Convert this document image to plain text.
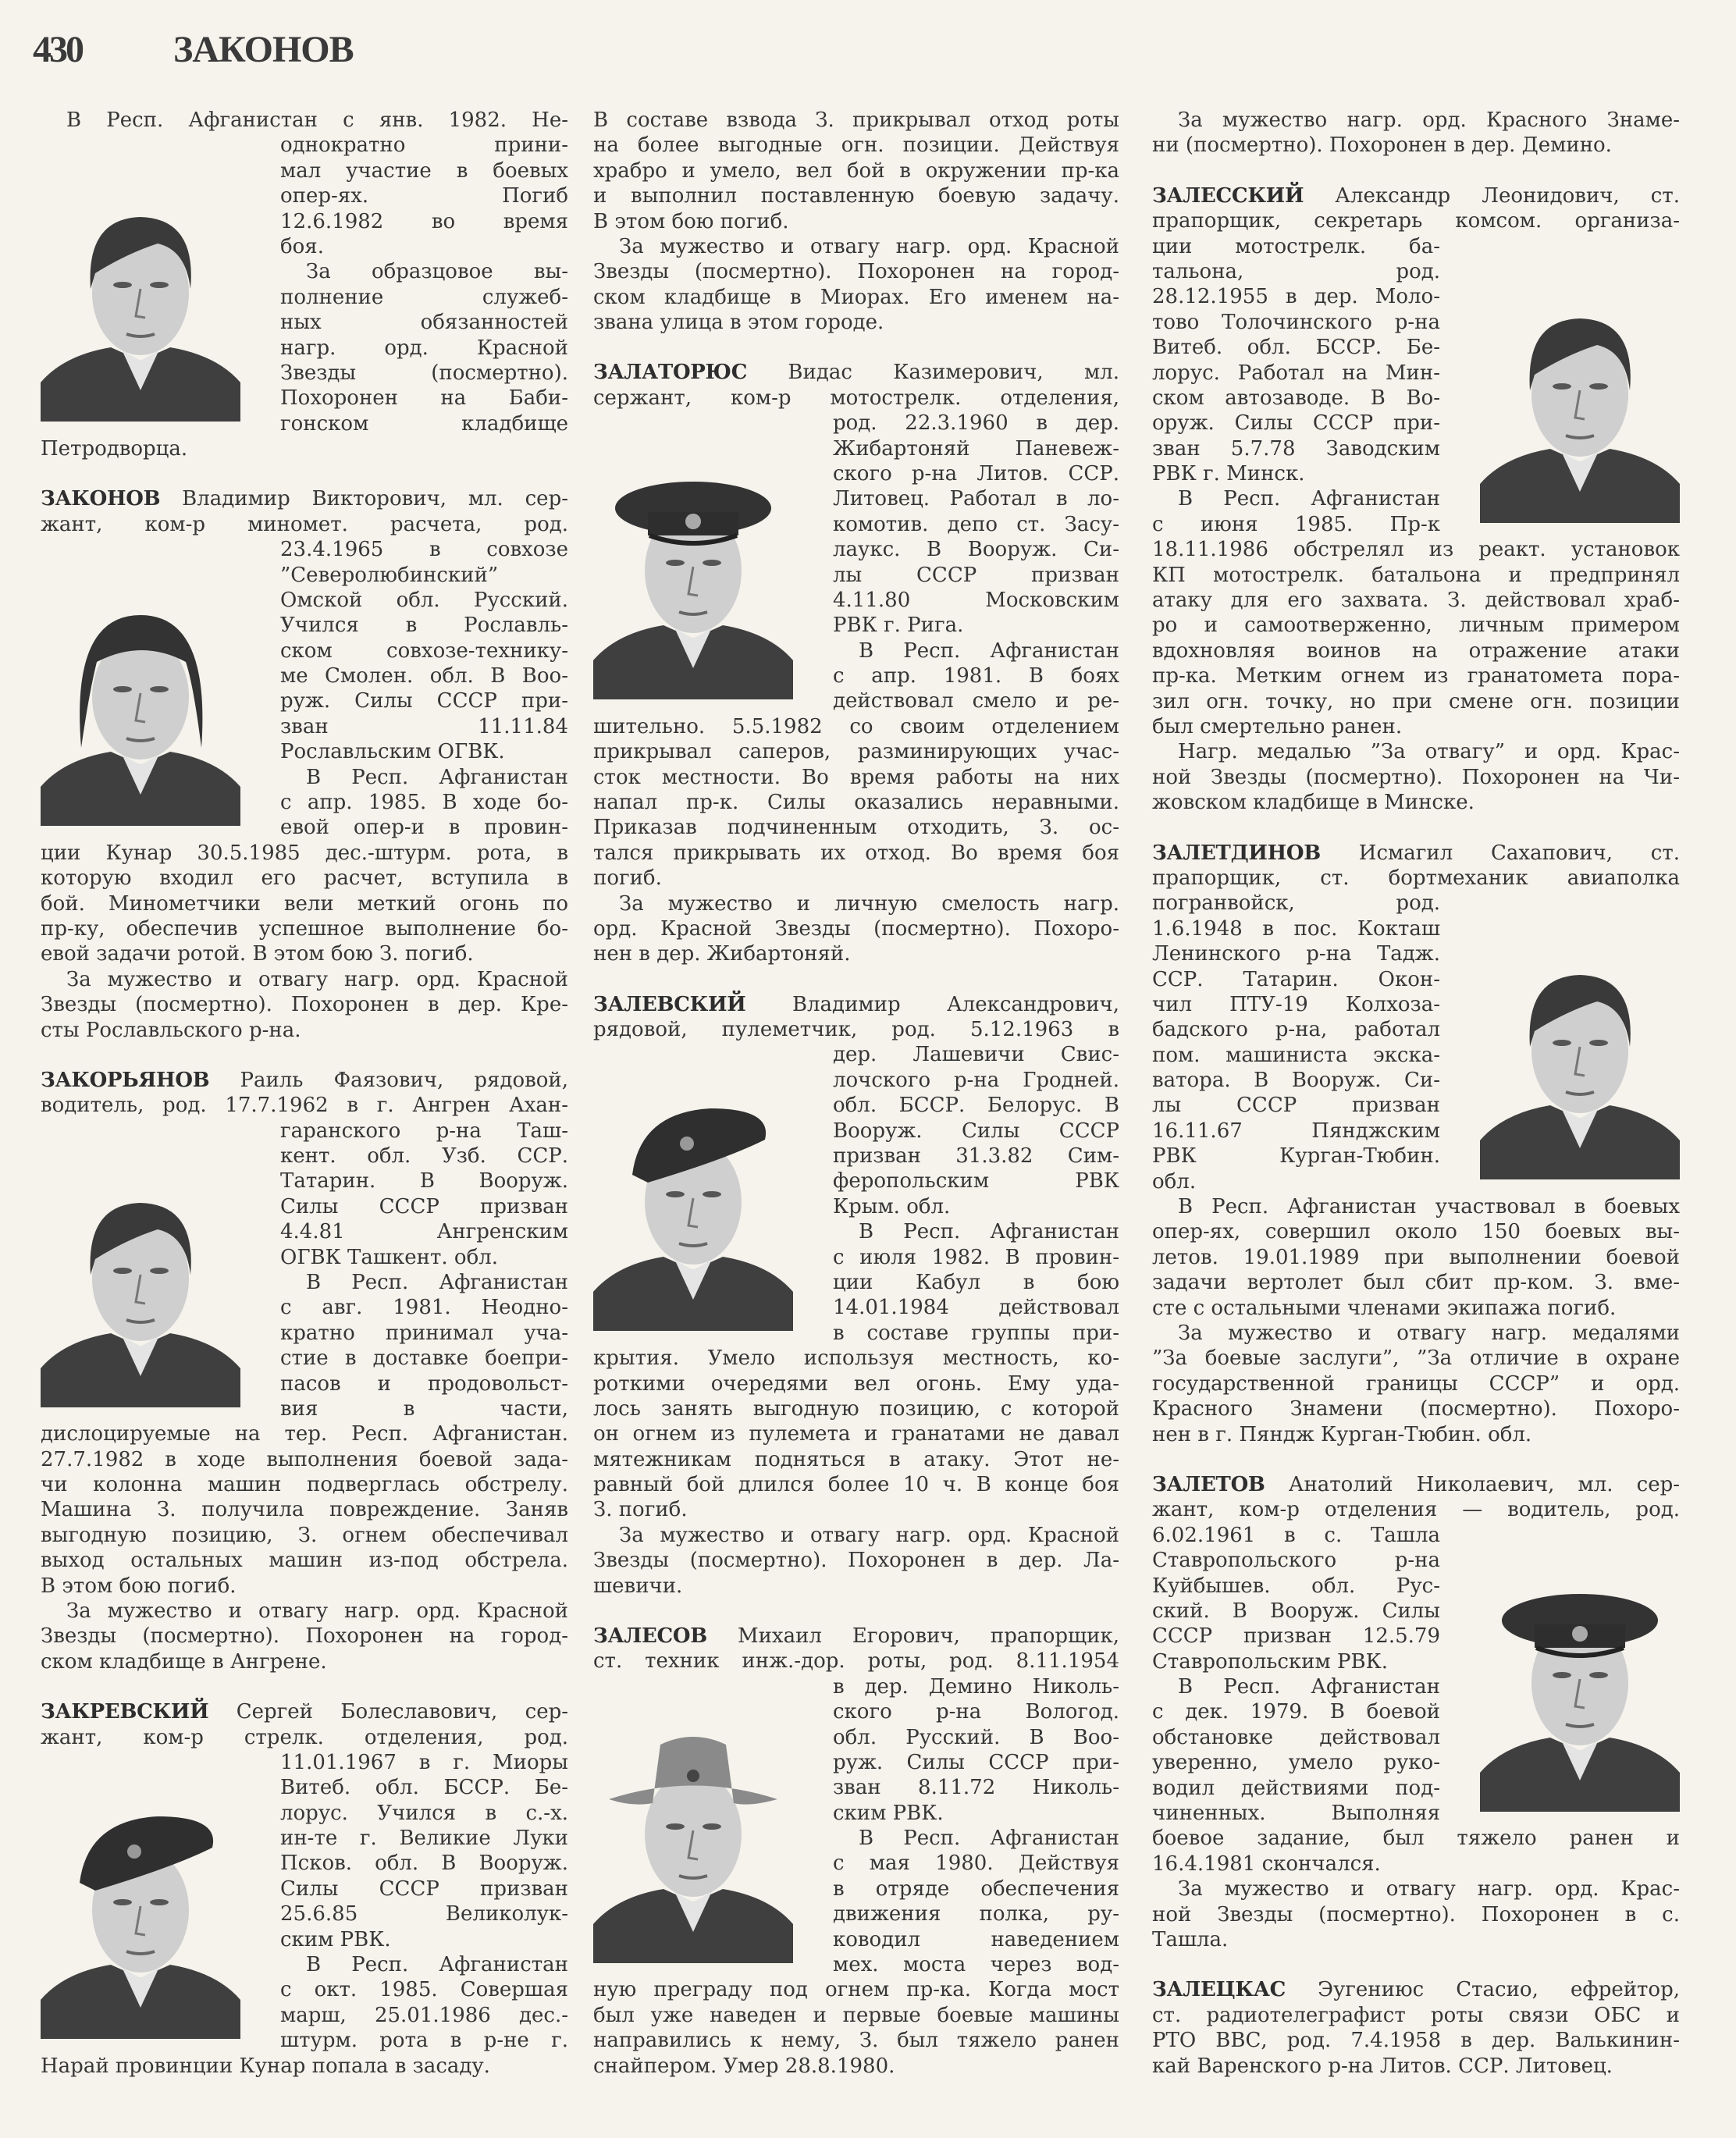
430 ЗАКОНОВ
В Респ. Афганистан с янв. 1982. Не-
однократно прини-
мал участие в боевых
опер-ях. Погиб
12.6.1982 во время
боя.
За образцовое вы-
полнение служеб-
ных обязанностей
нагр. орд. Красной
Звезды (посмертно).
Похоронен на Баби-
гонском кладбище
Петродворца.
ЗАКОНОВ Владимир Викторович, мл. сер-
жант, ком-р миномет. расчета, род.
23.4.1965 в совхозе
”Северолюбинский”
Омской обл. Русский.
Учился в Рославль-
ском совхозе-технику-
ме Смолен. обл. В Воо-
руж. Силы СССР при-
зван 11.11.84
Рославльским ОГВК.
В Респ. Афганистан
с апр. 1985. В ходе бо-
евой опер-и в провин-
ции Кунар 30.5.1985 дес.-штурм. рота, в
которую входил его расчет, вступила в
бой. Минометчики вели меткий огонь по
пр-ку, обеспечив успешное выполнение бо-
евой задачи ротой. В этом бою З. погиб.
За мужество и отвагу нагр. орд. Красной
Звезды (посмертно). Похоронен в дер. Кре-
сты Рославльского р-на.
ЗАКОРЬЯНОВ Раиль Фаязович, рядовой,
водитель, род. 17.7.1962 в г. Ангрен Ахан-
гаранского р-на Таш-
кент. обл. Узб. ССР.
Татарин. В Вооруж.
Силы СССР призван
4.4.81 Ангренским
ОГВК Ташкент. обл.
В Респ. Афганистан
с авг. 1981. Неодно-
кратно принимал уча-
стие в доставке боепри-
пасов и продовольст-
вия в части,
дислоцируемые на тер. Респ. Афганистан.
27.7.1982 в ходе выполнения боевой зада-
чи колонна машин подверглась обстрелу.
Машина З. получила повреждение. Заняв
выгодную позицию, З. огнем обеспечивал
выход остальных машин из-под обстрела.
В этом бою погиб.
За мужество и отвагу нагр. орд. Красной
Звезды (посмертно). Похоронен на город-
ском кладбище в Ангрене.
ЗАКРЕВСКИЙ Сергей Болеславович, сер-
жант, ком-р стрелк. отделения, род.
11.01.1967 в г. Миоры
Витеб. обл. БССР. Бе-
лорус. Учился в с.-х.
ин-те г. Великие Луки
Псков. обл. В Вооруж.
Силы СССР призван
25.6.85 Великолук-
ским РВК.
В Респ. Афганистан
с окт. 1985. Совершая
марш, 25.01.1986 дес.-
штурм. рота в р-не г.
Нарай провинции Кунар попала в засаду.
В составе взвода З. прикрывал отход роты
на более выгодные огн. позиции. Действуя
храбро и умело, вел бой в окружении пр-ка
и выполнил поставленную боевую задачу.
В этом бою погиб.
За мужество и отвагу нагр. орд. Красной
Звезды (посмертно). Похоронен на город-
ском кладбище в Миорах. Его именем на-
звана улица в этом городе.
ЗАЛАТОРЮС Видас Казимерович, мл.
сержант, ком-р мотострелк. отделения,
род. 22.3.1960 в дер.
Жибартоняй Паневеж-
ского р-на Литов. ССР.
Литовец. Работал в ло-
комотив. депо ст. Засу-
лаукс. В Вооруж. Си-
лы СССР призван
4.11.80 Московским
РВК г. Рига.
В Респ. Афганистан
с апр. 1981. В боях
действовал смело и ре-
шительно. 5.5.1982 со своим отделением
прикрывал саперов, разминирующих учас-
сток местности. Во время работы на них
напал пр-к. Силы оказались неравными.
Приказав подчиненным отходить, З. ос-
тался прикрывать их отход. Во время боя
погиб.
За мужество и личную смелость нагр.
орд. Красной Звезды (посмертно). Похоро-
нен в дер. Жибартоняй.
ЗАЛЕВСКИЙ Владимир Александрович,
рядовой, пулеметчик, род. 5.12.1963 в
дер. Лашевичи Свис-
лочского р-на Гродней.
обл. БССР. Белорус. В
Вооруж. Силы СССР
призван 31.3.82 Сим-
феропольским РВК
Крым. обл.
В Респ. Афганистан
с июля 1982. В провин-
ции Кабул в бою
14.01.1984 действовал
в составе группы при-
крытия. Умело используя местность, ко-
роткими очередями вел огонь. Ему уда-
лось занять выгодную позицию, с которой
он огнем из пулемета и гранатами не давал
мятежникам подняться в атаку. Этот не-
равный бой длился более 10 ч. В конце боя
З. погиб.
За мужество и отвагу нагр. орд. Красной
Звезды (посмертно). Похоронен в дер. Ла-
шевичи.
ЗАЛЕСОВ Михаил Егорович, прапорщик,
ст. техник инж.-дор. роты, род. 8.11.1954
в дер. Демино Николь-
ского р-на Вологод.
обл. Русский. В Воо-
руж. Силы СССР при-
зван 8.11.72 Николь-
ским РВК.
В Респ. Афганистан
с мая 1980. Действуя
в отряде обеспечения
движения полка, ру-
ководил наведением
мех. моста через вод-
ную преграду под огнем пр-ка. Когда мост
был уже наведен и первые боевые машины
направились к нему, З. был тяжело ранен
снайпером. Умер 28.8.1980.
За мужество нагр. орд. Красного Знаме-
ни (посмертно). Похоронен в дер. Демино.
ЗАЛЕССКИЙ Александр Леонидович, ст.
прапорщик, секретарь комсом. организа-
ции мотострелк. ба-
тальона, род.
28.12.1955 в дер. Моло-
тово Толочинского р-на
Витеб. обл. БССР. Бе-
лорус. Работал на Мин-
ском автозаводе. В Во-
оруж. Силы СССР при-
зван 5.7.78 Заводским
РВК г. Минск.
В Респ. Афганистан
с июня 1985. Пр-к
18.11.1986 обстрелял из реакт. установок
КП мотострелк. батальона и предпринял
атаку для его захвата. З. действовал храб-
ро и самоотверженно, личным примером
вдохновляя воинов на отражение атаки
пр-ка. Метким огнем из гранатомета пора-
зил огн. точку, но при смене огн. позиции
был смертельно ранен.
Нагр. медалью ”За отвагу” и орд. Крас-
ной Звезды (посмертно). Похоронен на Чи-
жовском кладбище в Минске.
ЗАЛЕТДИНОВ Исмагил Сахапович, ст.
прапорщик, ст. бортмеханик авиаполка
погранвойск, род.
1.6.1948 в пос. Кокташ
Ленинского р-на Тадж.
ССР. Татарин. Окон-
чил ПТУ-19 Колхоза-
бадского р-на, работал
пом. машиниста экска-
ватора. В Вооруж. Си-
лы СССР призван
16.11.67 Пянджским
РВК Курган-Тюбин.
обл.
В Респ. Афганистан участвовал в боевых
опер-ях, совершил около 150 боевых вы-
летов. 19.01.1989 при выполнении боевой
задачи вертолет был сбит пр-ком. З. вме-
сте с остальными членами экипажа погиб.
За мужество и отвагу нагр. медалями
”За боевые заслуги”, ”За отличие в охране
государственной границы СССР” и орд.
Красного Знамени (посмертно). Похоро-
нен в г. Пяндж Курган-Тюбин. обл.
ЗАЛЕТОВ Анатолий Николаевич, мл. сер-
жант, ком-р отделения — водитель, род.
6.02.1961 в с. Ташла
Ставропольского р-на
Куйбышев. обл. Рус-
ский. В Вооруж. Силы
СССР призван 12.5.79
Ставропольским РВК.
В Респ. Афганистан
с дек. 1979. В боевой
обстановке действовал
уверенно, умело руко-
водил действиями под-
чиненных. Выполняя
боевое задание, был тяжело ранен и
16.4.1981 скончался.
За мужество и отвагу нагр. орд. Крас-
ной Звезды (посмертно). Похоронен в с.
Ташла.
ЗАЛЕЦКАС Эугениюс Стасио, ефрейтор,
ст. радиотелеграфист роты связи ОБС и
РТО ВВС, род. 7.4.1958 в дер. Валькинин-
кай Варенского р-на Литов. ССР. Литовец.
